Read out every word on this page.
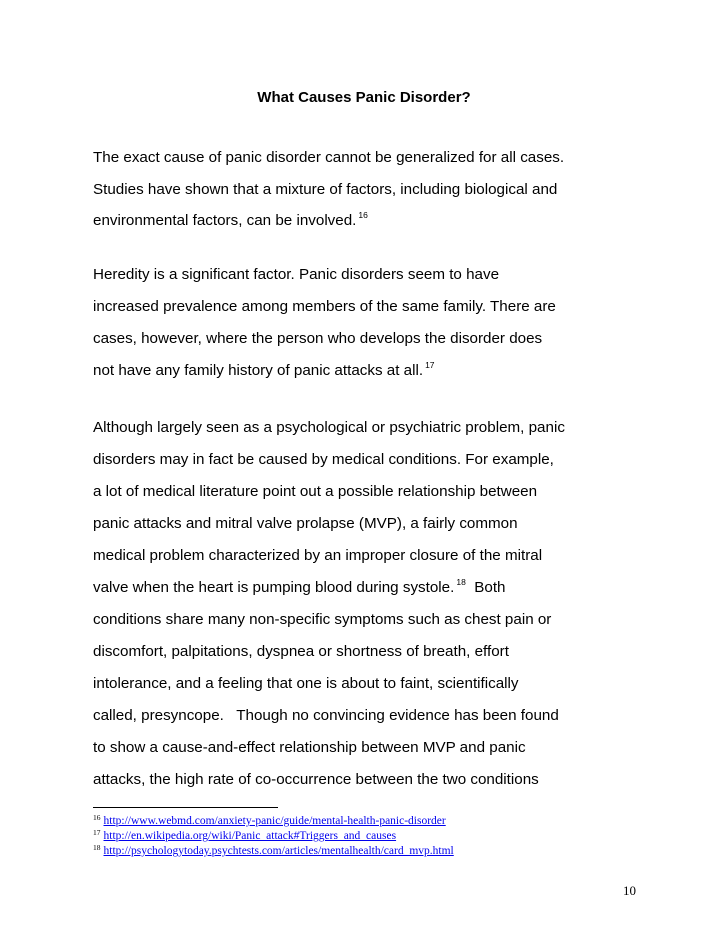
What Causes Panic Disorder?
The exact cause of panic disorder cannot be generalized for all cases.
Studies have shown that a mixture of factors, including biological and
environmental factors, can be involved. $^{16}$
Heredity is a significant factor. Panic disorders seem to have
increased prevalence among members of the same family. There are
cases, however, where the person who develops the disorder does
not have any family history of panic attacks at all. $^{17}$
Although largely seen as a psychological or psychiatric problem, panic
disorders may in fact be caused by medical conditions. For example,
a lot of medical literature point out a possible relationship between
panic attacks and mitral valve prolapse (MVP), a fairly common
medical problem characterized by an improper closure of the mitral
valve when the heart is pumping blood during systole. $^{18}$  Both
conditions share many non-specific symptoms such as chest pain or
discomfort, palpitations, dyspnea or shortness of breath, effort
intolerance, and a feeling that one is about to faint, scientifically
called, presyncope.   Though no convincing evidence has been found
to show a cause-and-effect relationship between MVP and panic
attacks, the high rate of co-occurrence between the two conditions
$^{16}$ http://www.webmd.com/anxiety-panic/guide/mental-health-panic-disorder
$^{17}$ http://en.wikipedia.org/wiki/Panic_attack#Triggers_and_causes
$^{18}$ http://psychologytoday.psychtests.com/articles/mentalhealth/card_mvp.html
10
